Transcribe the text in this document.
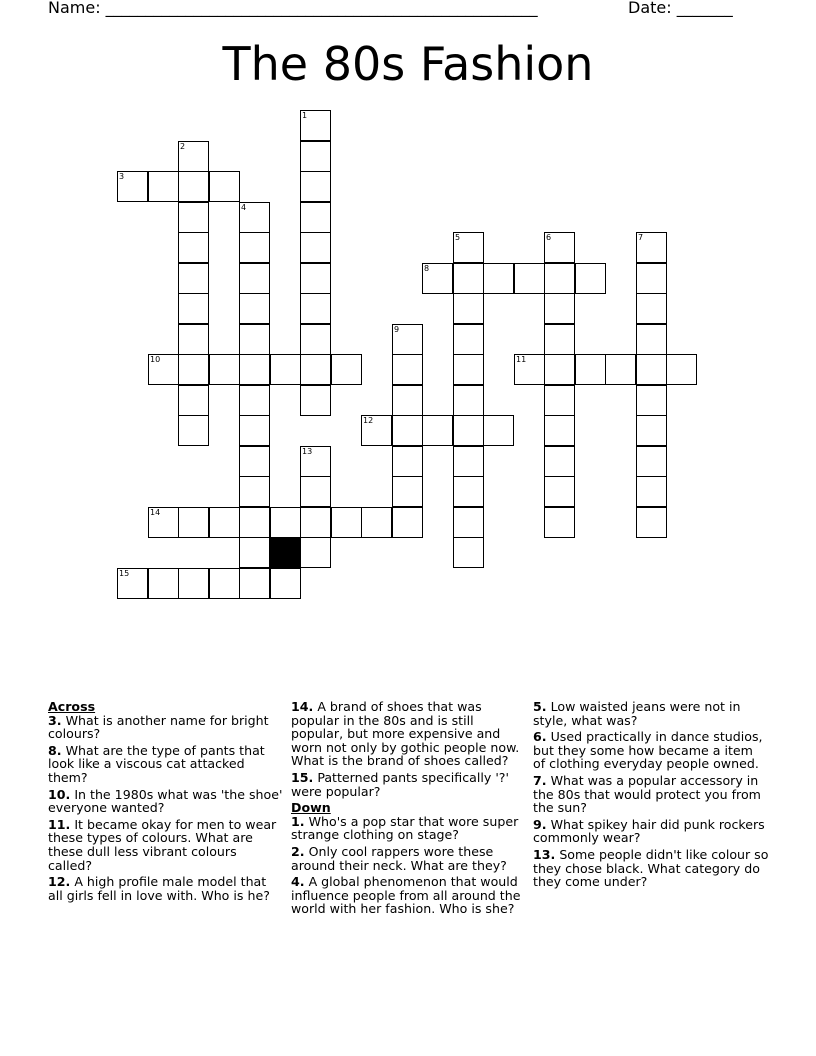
Name: ______________________________________________________	Date: _______
The 80s Fashion
1
2
3
4
5	6	7
8
9
10	11
12
13
14
15

Across

3. What is another name for bright colours?

8. What are the type of pants that look like a viscous cat attacked them?

10. In the 1980s what was 'the shoe' everyone wanted?

11. It became okay for men to wear these types of colours. What are these dull less vibrant colours called?

12. A high profile male model that all girls fell in love with. Who is he?

14. A brand of shoes that was popular in the 80s and is still popular, but more expensive and worn not only by gothic people now. What is the brand of shoes called?

15. Patterned pants specifically '?' were popular?

Down

1. Who's a pop star that wore super strange clothing on stage?

2. Only cool rappers wore these around their neck. What are they?

4. A global phenomenon that would influence people from all around the world with her fashion. Who is she?

5. Low waisted jeans were not in style, what was?

6. Used practically in dance studios, but they some how became a item of clothing everyday people owned.

7. What was a popular accessory in the 80s that would protect you from the sun?

9. What spikey hair did punk rockers commonly wear?

13. Some people didn't like colour so they chose black. What category do they come under?
